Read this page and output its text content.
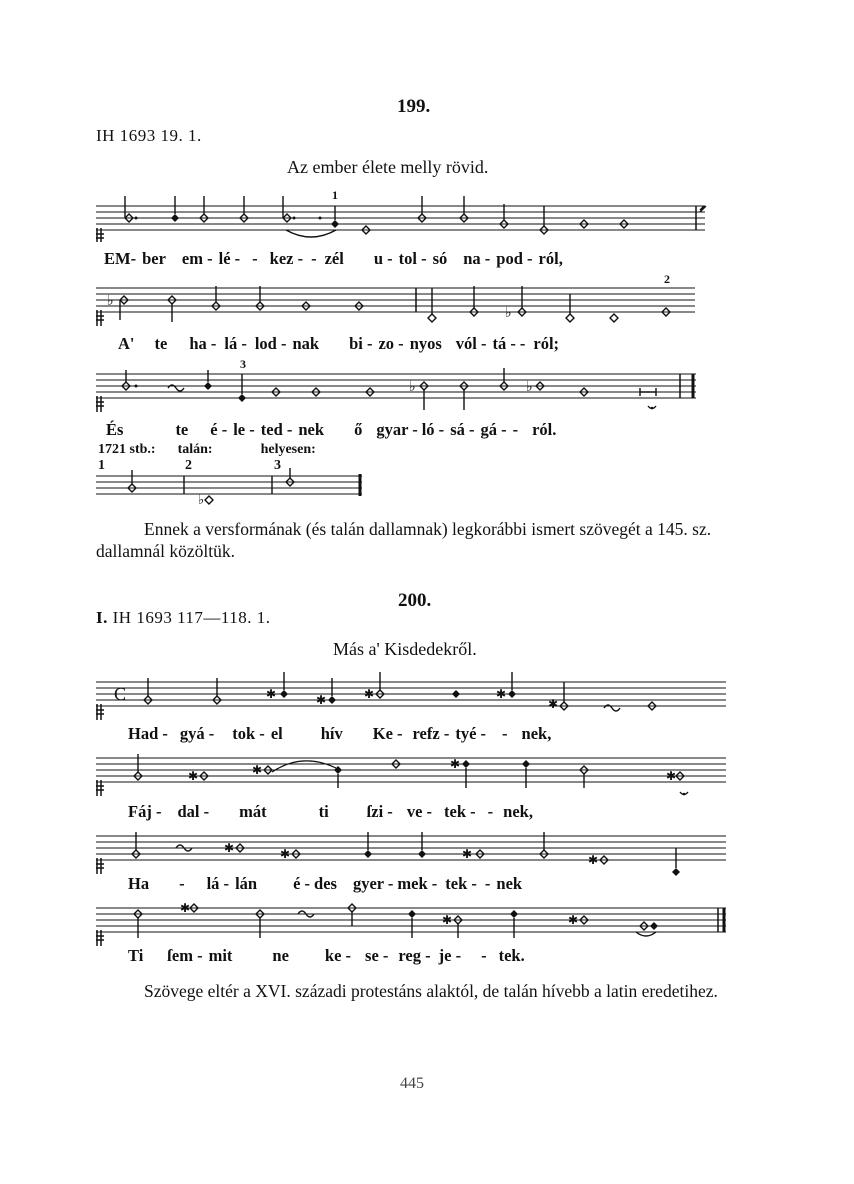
199.
IH 1693 19. 1.
Az ember élete melly rövid.
1
EM- ber em - lé - - kez - - zél u - tol - só na - pod - ról,
♭
♭
2
A' te ha - lá - lod - nak bi - zo - nyos vól - tá - - ról;
♭	♭
3
És	te é - le - ted - nek ő gyar - ló - sá - gá - - ról.
1721 stb.: talán:	helyesen:
1	2	3
♭
Ennek a versformának (és talán dallamnak) legkorábbi ismert szövegét a 145. sz. dallamnál közöltük.
200.
I. IH 1693 117—118. 1.
Más a' Kisdedekről.
C	✱	✱	✱	✱
✱
Had - gyá - tok - el hív Ke - refz - tyé - - nek,
✱	✱	✱
✱
Fáj - dal - mát	ti ſzi - ve - tek - - nek,
✱	✱	✱	✱
Ha - lá - lán é - des gyer - mek - tek - - nek
✱
✱	✱
Ti ſem - mit ne ke - se - reg - je - - tek.
Szövege eltér a XVI. századi protestáns alaktól, de talán hívebb a latin eredetihez.
445
